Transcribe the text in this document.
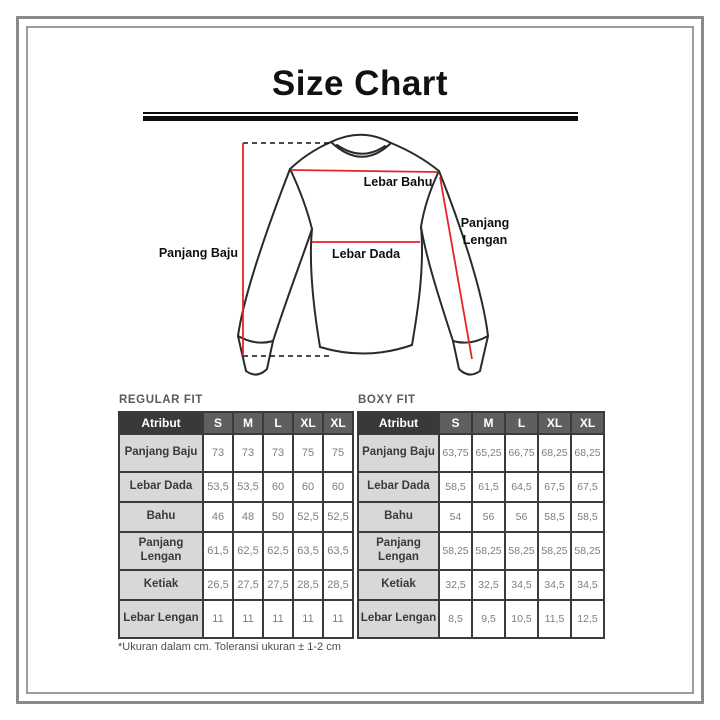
Size Chart
Panjang Baju
Lebar Bahu
Lebar Dada
Panjang
Lengan
REGULAR FIT
Atribut	S	M	L	XL	XL
Panjang Baju	73	73	73	75	75
Lebar Dada	53,5	53,5	60	60	60
Bahu	46	48	50	52,5	52,5
Panjang Lengan	61,5	62,5	62,5	63,5	63,5
Ketiak	26,5	27,5	27,5	28,5	28,5
Lebar Lengan	11	11	11	11	11
BOXY FIT
Atribut	S	M	L	XL	XL
Panjang Baju	63,75	65,25	66,75	68,25	68,25
Lebar Dada	58,5	61,5	64,5	67,5	67,5
Bahu	54	56	56	58,5	58,5
Panjang Lengan	58,25	58,25	58,25	58,25	58,25
Ketiak	32,5	32,5	34,5	34,5	34,5
Lebar Lengan	8,5	9,5	10,5	11,5	12,5
*Ukuran dalam cm. Toleransi ukuran ± 1-2 cm
